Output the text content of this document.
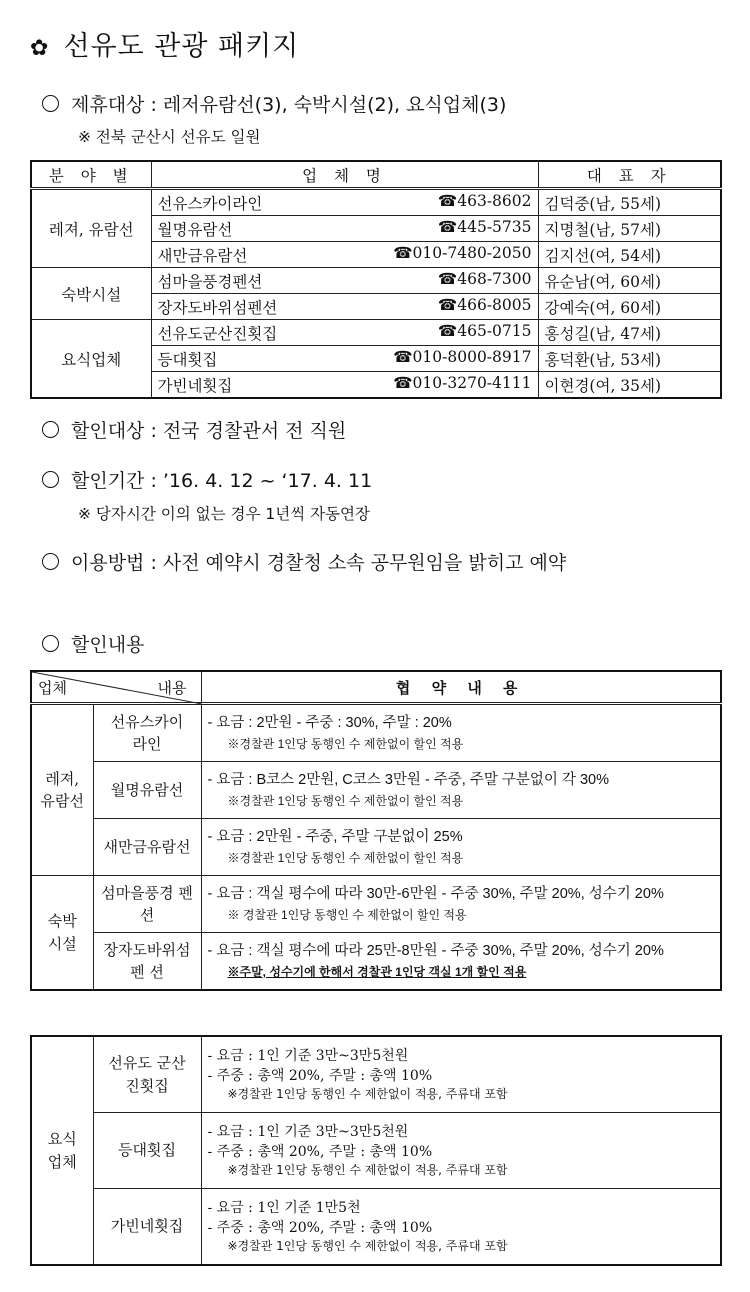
✿ 선유도 관광 패키지
제휴대상 : 레저유람선(3), 숙박시설(2), 요식업체(3)
※ 전북 군산시 선유도 일원
분 야 별	업 체 명	대 표 자
레져, 유람선	선유스카이라인 ☎463-8602	김덕중(남, 55세)
	월명유람선 ☎445-5735	지명철(남, 57세)
	새만금유람선 ☎010-7480-2050	김지선(여, 54세)
숙박시설	섬마을풍경펜션 ☎468-7300	유순남(여, 60세)
	장자도바위섬펜션 ☎466-8005	강예숙(여, 60세)
요식업체	선유도군산진횟집 ☎465-0715	홍성길(남, 47세)
	등대횟집 ☎010-8000-8917	홍덕환(남, 53세)
	가빈네횟집 ☎010-3270-4111	이현경(여, 35세)
할인대상 : 전국 경찰관서 전 직원
할인기간 : ’16. 4. 12 ~ ‘17. 4. 11
※ 당자시간 이의 없는 경우 1년씩 자동연장
이용방법 : 사전 예약시 경찰청 소속 공무원임을 밝히고 예약
할인내용
업체 내용		협 약 내 용
레져, 유람선	선유스카이 라인	- 요금 : 2만원 - 주중 : 30%, 주말 : 20%
※경찰관 1인당 동행인 수 제한없이 할인 적용

	월명유람선	- 요금 : B코스 2만원, C코스 3만원 - 주중, 주말 구분없이 각 30%
※경찰관 1인당 동행인 수 제한없이 할인 적용

	새만금유람선	- 요금 : 2만원 - 주중, 주말 구분없이 25%
※경찰관 1인당 동행인 수 제한없이 할인 적용

숙박 시설	섬마을풍경 펜 션	- 요금 : 객실 평수에 따라 30만-6만원 - 주중 30%, 주말 20%, 성수기 20%
※ 경찰관 1인당 동행인 수 제한없이 할인 적용

	장자도바위섬 펜 션	- 요금 : 객실 평수에 따라 25만-8만원 - 주중 30%, 주말 20%, 성수기 20%
※주말, 성수기에 한해서 경찰관 1인당 객실 1개 할인 적용
요식 업체	선유도 군산 진횟집	- 요금 : 1인 기준 3만~3만5천원
- 주중 : 총액 20%, 주말 : 총액 10%
※경찰관 1인당 동행인 수 제한없이 적용, 주류대 포함

	등대횟집	- 요금 : 1인 기준 3만~3만5천원
- 주중 : 총액 20%, 주말 : 총액 10%
※경찰관 1인당 동행인 수 제한없이 적용, 주류대 포함

	가빈네횟집	- 요금 : 1인 기준 1만5천
- 주중 : 총액 20%, 주말 : 총액 10%
※경찰관 1인당 동행인 수 제한없이 적용, 주류대 포함
